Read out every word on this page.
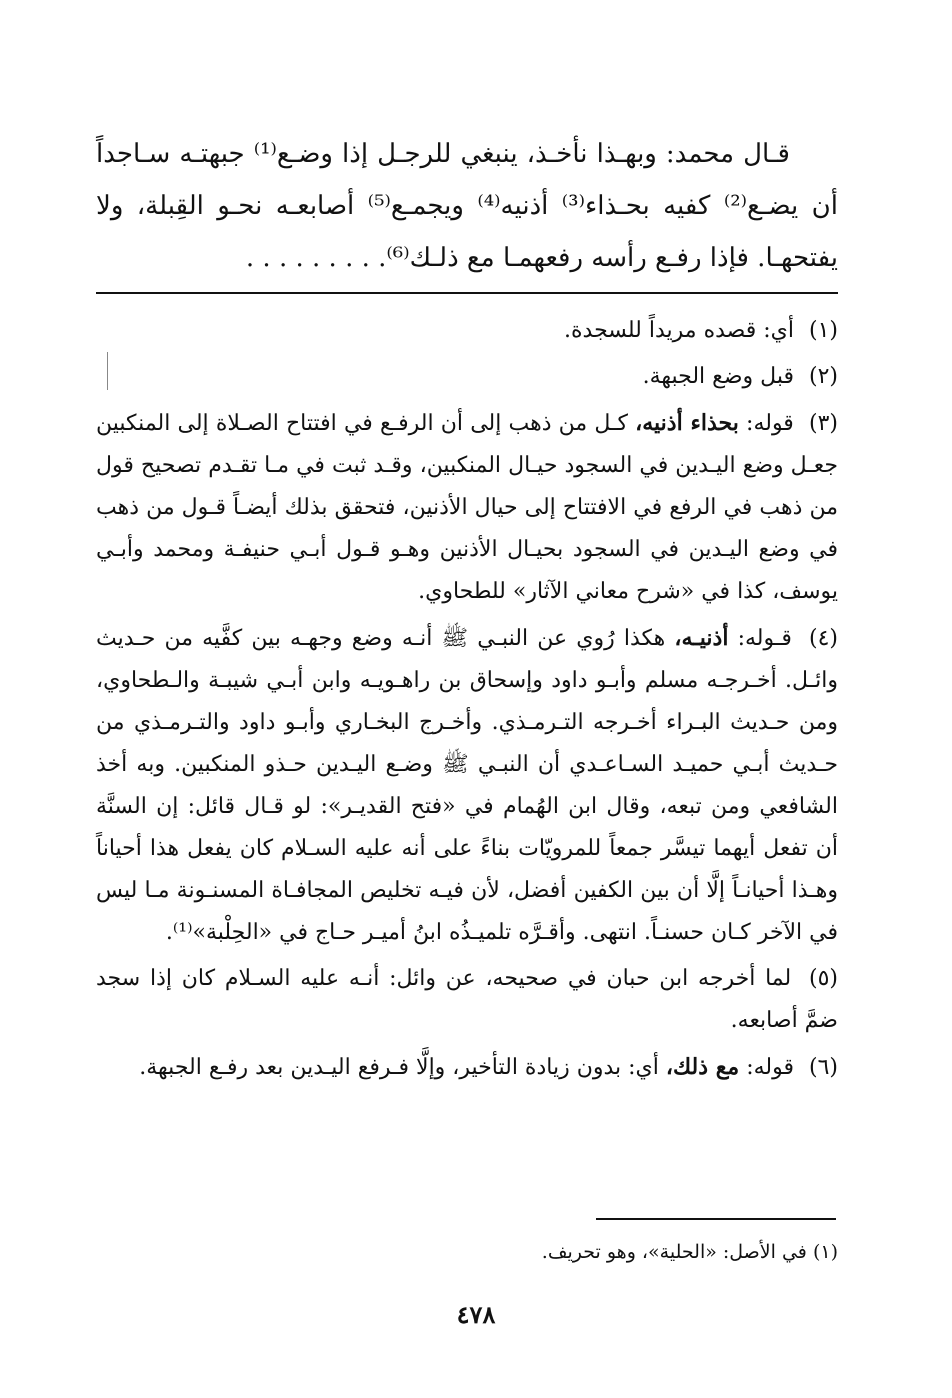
قـال محمد: وبهـذا نأخـذ، ينبغي للرجـل إذا وضـع⁽¹⁾ جبهتـه سـاجداً أن يضـع⁽²⁾ كفيه بحـذاء⁽³⁾ أذنيه⁽⁴⁾ ويجمـع⁽⁵⁾ أصابعـه نحـو القِبلة، ولا يفتحهـا. فإذا رفـع رأسه رفعهمـا مع ذلـك⁽⁶⁾. . . . . . . . .

(١) أي: قصده مريداً للسجدة.

(٢) قبل وضع الجبهة.

(٣) قوله: بحذاء أذنيه، كـل من ذهب إلى أن الرفـع في افتتاح الصـلاة إلى المنكبين جعـل وضع اليـدين في السجود حيـال المنكبين، وقـد ثبت في مـا تقـدم تصحيح قول من ذهب في الرفع في الافتتاح إلى حيال الأذنين، فتحقق بذلك أيضـاً قـول من ذهب في وضع اليـدين في السجود بحيـال الأذنين وهـو قـول أبـي حنيفـة ومحمد وأبـي يوسف، كذا في «شرح معاني الآثار» للطحاوي.

(٤) قـوله: أذنيـه، هكذا رُوي عن النبـي ﷺ أنـه وضع وجهـه بين كفَّيه من حـديث وائـل. أخـرجـه مسلم وأبـو داود وإسحاق بن راهـويـه وابن أبـي شيبـة والـطحاوي، ومن حـديث البـراء أخـرجه التـرمـذي. وأخـرج البخـاري وأبـو داود والتـرمـذي من حـديث أبـي حميـد السـاعـدي أن النبـي ﷺ وضـع اليـدين حـذو المنكبين. وبه أخذ الشافعي ومن تبعه، وقال ابن الهُمام في «فتح القديـر»: لو قـال قائل: إن السنَّة أن تفعل أيهما تيسَّر جمعاً للمرويّات بناءً على أنه عليه السـلام كان يفعل هذا أحياناً وهـذا أحيانـاً إلَّا أن بين الكفين أفضل، لأن فيـه تخليص المجافـاة المسنـونة مـا ليس في الآخر كـان حسنـاً. انتهى. وأقـرَّه تلميـذُه ابنُ أميـر حـاج في «الحِلْبة»⁽¹⁾.

(٥) لما أخرجه ابن حبان في صحيحه، عن وائل: أنـه عليه السـلام كان إذا سجد ضمَّ أصابعه.

(٦) قوله: مع ذلك، أي: بدون زيادة التأخير، وإلَّا فـرفع اليـدين بعد رفـع الجبهة.

(١) في الأصل: «الحلية»، وهو تحريف.
٤٧٨
